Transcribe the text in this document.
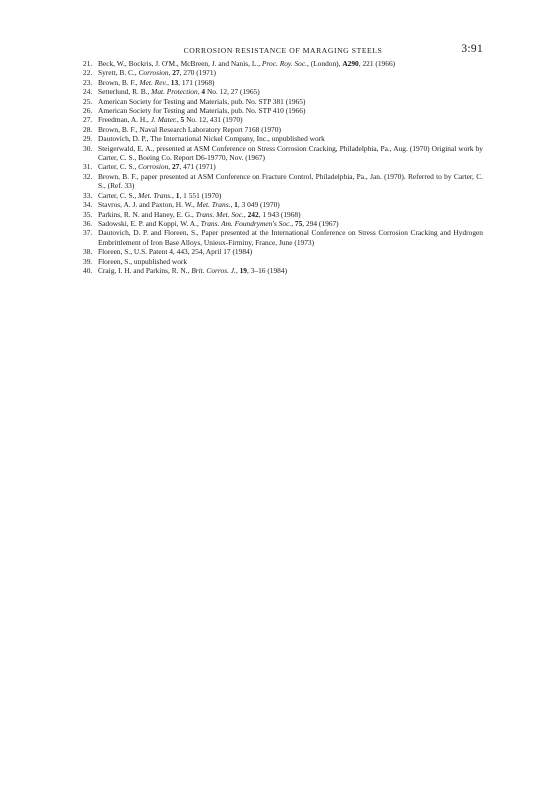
CORROSION RESISTANCE OF MARAGING STEELS	3:91
21. Beck, W., Bockris, J. O'M., McBreen, J. and Nanis, L., Proc. Roy. Soc., (London), A290, 221 (1966)
22. Syrett, B. C., Corrosion, 27, 270 (1971)
23. Brown, B. F., Met. Rev., 13, 171 (1968)
24. Setterlund, R. B., Mat. Protection, 4 No. 12, 27 (1965)
25. American Society for Testing and Materials, pub. No. STP 381 (1965)
26. American Society for Testing and Materials, pub. No. STP 410 (1966)
27. Freedman, A. H., J. Mater., 5 No. 12, 431 (1970)
28. Brown, B. F., Naval Research Laboratory Report 7168 (1970)
29. Dautovich, D. P., The International Nickel Company, Inc., unpublished work
30. Steigerwald, E. A., presented at ASM Conference on Stress Corrosion Cracking, Philadelphia, Pa., Aug. (1970) Original work by Carter, C. S., Boeing Co. Report D6-19770, Nov. (1967)
31. Carter, C. S., Corrosion, 27, 471 (1971)
32. Brown, B. F., paper presented at ASM Conference on Fracture Control, Philadelphia, Pa., Jan. (1970). Referred to by Carter, C. S., (Ref. 33)
33. Carter, C. S., Met. Trans., 1, 1 551 (1970)
34. Stavros, A. J. and Paxton, H. W., Met. Trans., 1, 3 049 (1970)
35. Parkins, R. N. and Haney, E. G., Trans. Met. Soc., 242, 1 943 (1968)
36. Sadowski, E. P. and Koppi, W. A., Trans. Am. Foundrymen's Soc., 75, 294 (1967)
37. Dautovich, D. P. and Floreen, S., Paper presented at the International Conference on Stress Corrosion Cracking and Hydrogen Embrittlement of Iron Base Alloys, Unieux-Firminy, France, June (1973)
38. Floreen, S., U.S. Patent 4, 443, 254, April 17 (1984)
39. Floreen, S., unpublished work
40. Craig, I. H. and Parkins, R. N., Brit. Corros. J., 19, 3–16 (1984)
